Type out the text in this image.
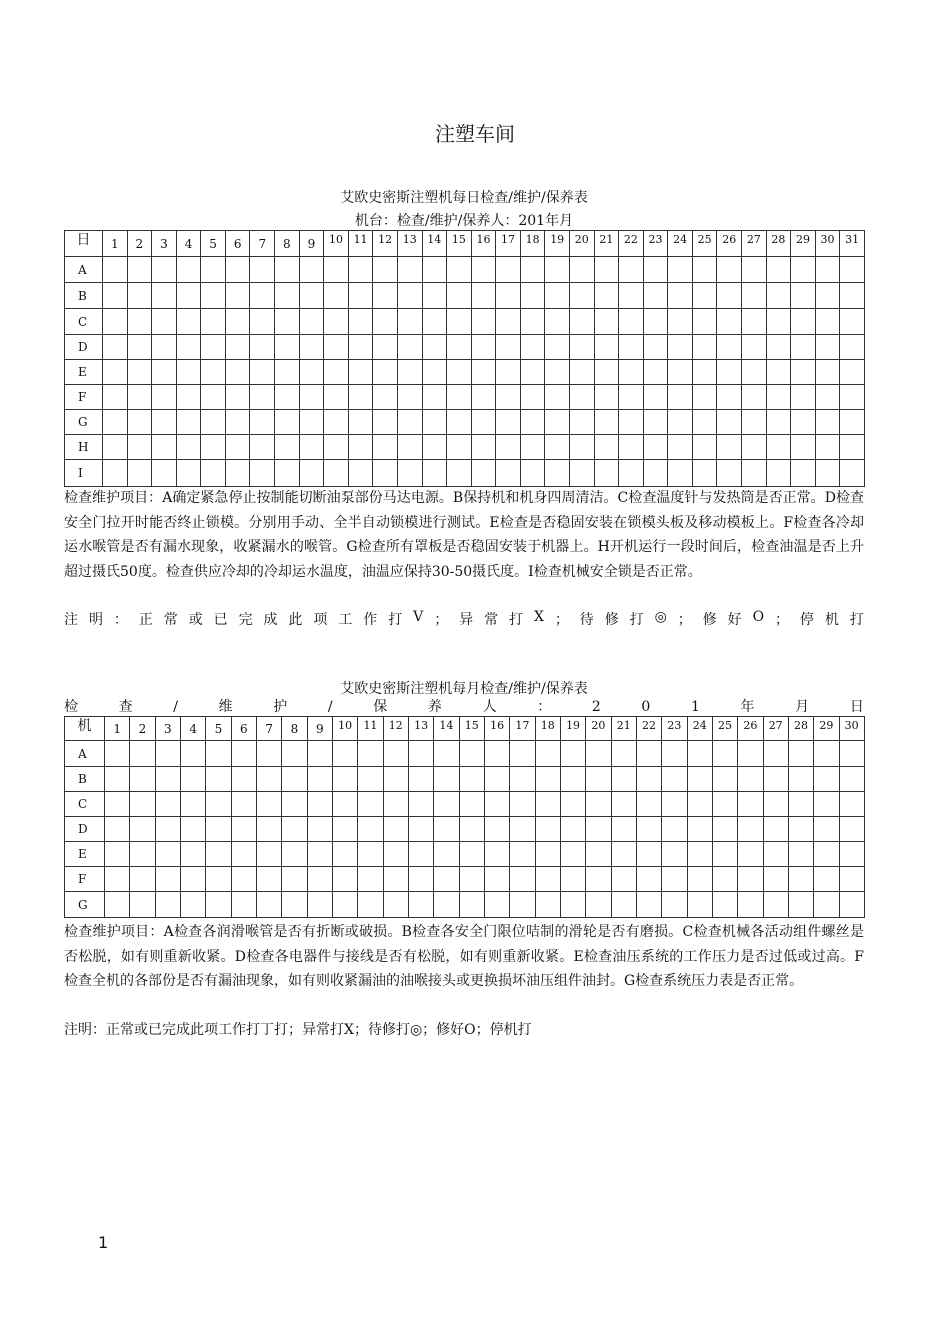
注塑车间
艾欧史密斯注塑机每日检查/维护/保养表
机台：检查/维护/保养人：201年月
日	1	2	3	4	5	6	7	8	9	10	11	12	13	14	15	16	17	18	19	20	21	22	23	24	25	26	27	28	29	30	31
A																															
B																															
C																															
D																															
E																															
F																															
G																															
H																															
I																															
检查维护项目：A确定紧急停止按制能切断油泵部份马达电源。B保持机和机身四周清洁。C检查温度针与发热筒是否正常。D检查安全门拉开时能否终止锁模。分别用手动、全半自动锁模进行测试。E检查是否稳固安装在锁模头板及移动模板上。F检查各冷却运水喉管是否有漏水现象，收紧漏水的喉管。G检查所有罩板是否稳固安装于机器上。H开机运行一段时间后，检查油温是否上升超过摄氏50度。检查供应冷却的冷却运水温度，油温应保持30-50摄氏度。I检查机械安全锁是否正常。
注 明 ： 正 常 或 已 完 成 此 项 工 作 打 V ； 异 常 打 X ； 待 修 打 ◎ ； 修 好 O ； 停 机 打
艾欧史密斯注塑机每月检查/维护/保养表
检	查	/	维	护	/	保	养	人	：	2	0	1	年	月	日
机	1	2	3	4	5	6	7	8	9	10	11	12	13	14	15	16	17	18	19	20	21	22	23	24	25	26	27	28	29	30
A																														
B																														
C																														
D																														
E																														
F																														
G																														
检查维护项目：A检查各润滑喉管是否有折断或破损。B检查各安全门限位咭制的滑轮是否有磨损。C检查机械各活动组件螺丝是否松脱，如有则重新收紧。D检查各电器件与接线是否有松脱，如有则重新收紧。E检查油压系统的工作压力是否过低或过高。F检查全机的各部份是否有漏油现象，如有则收紧漏油的油喉接头或更换损坏油压组件油封。G检查系统压力表是否正常。
注明：正常或已完成此项工作打丁打；异常打X；待修打◎；修好O；停机打
1
